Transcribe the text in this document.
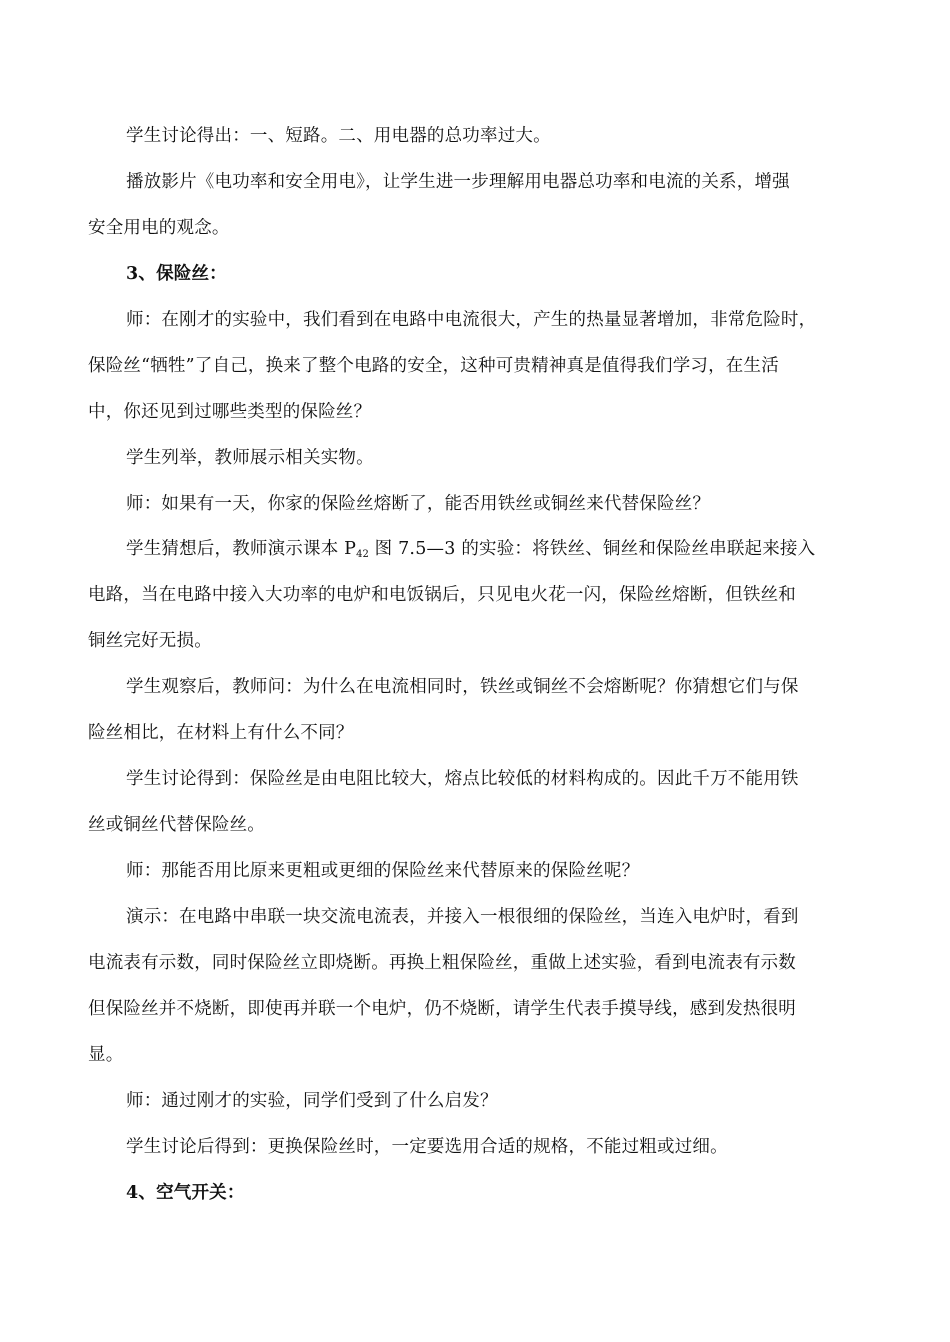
学生讨论得出：一、短路。二、用电器的总功率过大。
播放影片《电功率和安全用电》，让学生进一步理解用电器总功率和电流的关系，增强
安全用电的观念。
3、保险丝：
师：在刚才的实验中，我们看到在电路中电流很大，产生的热量显著增加，非常危险时，
保险丝“牺牲”了自己，换来了整个电路的安全，这种可贵精神真是值得我们学习，在生活
中，你还见到过哪些类型的保险丝？
学生列举，教师展示相关实物。
师：如果有一天，你家的保险丝熔断了，能否用铁丝或铜丝来代替保险丝？
学生猜想后，教师演示课本 $P_{42}$ 图 7.5—3 的实验：将铁丝、铜丝和保险丝串联起来接入
电路，当在电路中接入大功率的电炉和电饭锅后，只见电火花一闪，保险丝熔断，但铁丝和
铜丝完好无损。
学生观察后，教师问：为什么在电流相同时，铁丝或铜丝不会熔断呢？你猜想它们与保
险丝相比，在材料上有什么不同？
学生讨论得到：保险丝是由电阻比较大，熔点比较低的材料构成的。因此千万不能用铁
丝或铜丝代替保险丝。
师：那能否用比原来更粗或更细的保险丝来代替原来的保险丝呢？
演示：在电路中串联一块交流电流表，并接入一根很细的保险丝，当连入电炉时，看到
电流表有示数，同时保险丝立即烧断。再换上粗保险丝，重做上述实验，看到电流表有示数
但保险丝并不烧断，即使再并联一个电炉，仍不烧断，请学生代表手摸导线，感到发热很明
显。
师：通过刚才的实验，同学们受到了什么启发？
学生讨论后得到：更换保险丝时，一定要选用合适的规格，不能过粗或过细。
4、空气开关：
